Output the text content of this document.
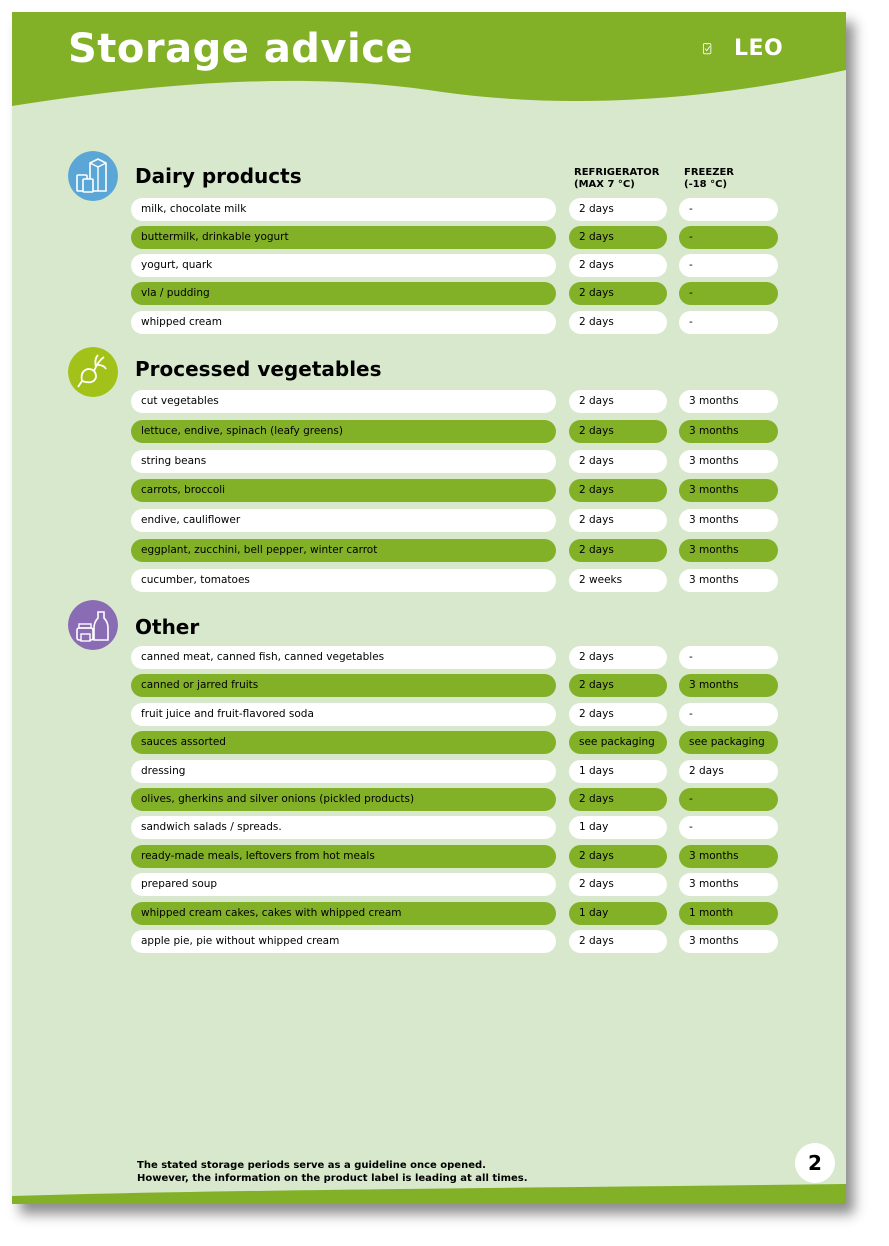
Storage advice	LEO
REFRIGERATOR
(MAX 7 °C)
FREEZER
(-18 °C)
Dairy products
milk, chocolate milk	2 days	-
buttermilk, drinkable yogurt	2 days	-
yogurt, quark	2 days	-
vla / pudding	2 days	-
whipped cream	2 days	-
Processed vegetables
cut vegetables	2 days	3 months
lettuce, endive, spinach (leafy greens)	2 days	3 months
string beans	2 days	3 months
carrots, broccoli	2 days	3 months
endive, cauliflower	2 days	3 months
eggplant, zucchini, bell pepper, winter carrot	2 days	3 months
cucumber, tomatoes	2 weeks	3 months
Other
canned meat, canned fish, canned vegetables	2 days	-
canned or jarred fruits	2 days	3 months
fruit juice and fruit-flavored soda	2 days	-
sauces assorted	see packaging	see packaging
dressing	1 days	2 days
olives, gherkins and silver onions (pickled products)	2 days	-
sandwich salads / spreads.	1 day	-
ready-made meals, leftovers from hot meals	2 days	3 months
prepared soup	2 days	3 months
whipped cream cakes, cakes with whipped cream	1 day	1 month
apple pie, pie without whipped cream	2 days	3 months
The stated storage periods serve as a guideline once opened.
However, the information on the product label is leading at all times.
2
